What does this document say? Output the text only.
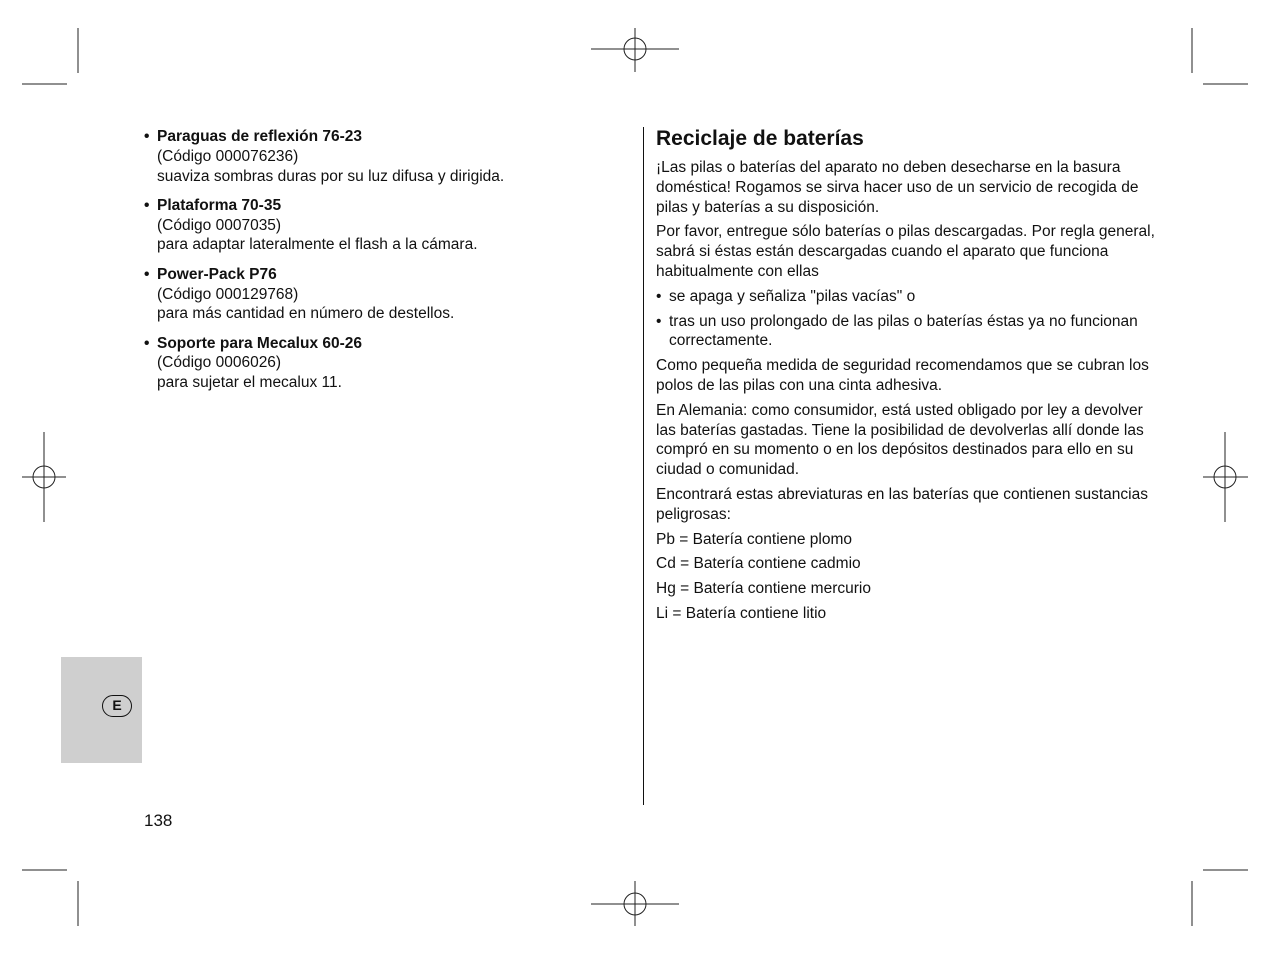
• Paraguas de reflexión 76-23
(Código 000076236)
suaviza sombras duras por su luz difusa y dirigida.
• Plataforma 70-35
(Código 0007035)
para adaptar lateralmente el flash a la cámara.
• Power-Pack P76
(Código 000129768)
para más cantidad en número de destellos.
• Soporte para Mecalux 60-26
(Código 0006026)
para sujetar el mecalux 11.
Reciclaje de baterías

¡Las pilas o baterías del aparato no deben desecharse en la basura doméstica! Rogamos se sirva hacer uso de un servicio de recogida de pilas y baterías a su disposición.

Por favor, entregue sólo baterías o pilas descargadas. Por regla general, sabrá si éstas están descargadas cuando el aparato que funciona habitualmente con ellas

• se apaga y señaliza "pilas vacías" o
• tras un uso prolongado de las pilas o baterías éstas ya no funcionan correctamente.

Como pequeña medida de seguridad recomendamos que se cubran los polos de las pilas con una cinta adhesiva.

En Alemania: como consumidor, está usted obligado por ley a devolver las baterías gastadas. Tiene la posibilidad de devolverlas allí donde las compró en su momento o en los depósitos destinados para ello en su ciudad o comunidad.

Encontrará estas abreviaturas en las baterías que contienen sustancias peligrosas:

Pb = Batería contiene plomo

Cd = Batería contiene cadmio

Hg = Batería contiene mercurio

Li = Batería contiene litio

E
138
